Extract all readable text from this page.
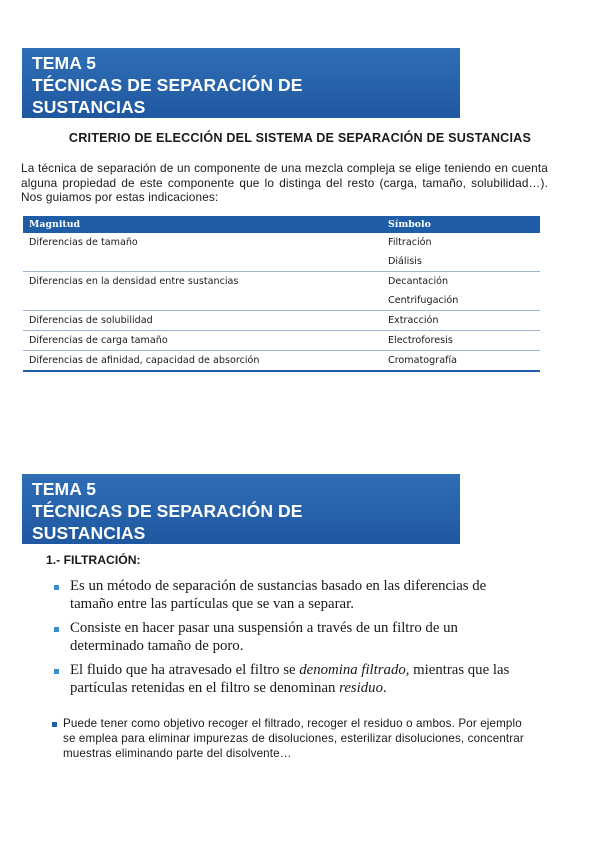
TEMA 5
TÉCNICAS DE SEPARACIÓN DE
SUSTANCIAS
CRITERIO DE ELECCIÓN DEL SISTEMA DE SEPARACIÓN DE SUSTANCIAS
La técnica de separación de un componente de una mezcla compleja se elige teniendo en cuenta alguna propiedad de este componente que lo distinga del resto (carga, tamaño, solubilidad…). Nos guiamos por estas indicaciones:
Magnitud	Símbolo
Diferencias de tamaño	Filtración
	Diálisis
Diferencias en la densidad entre sustancias	Decantación
	Centrifugación
Diferencias de solubilidad	Extracción
Diferencias de carga tamaño	Electroforesis
Diferencias de afinidad, capacidad de absorción	Cromatografía
TEMA 5
TÉCNICAS DE SEPARACIÓN DE
SUSTANCIAS
1.- FILTRACIÓN:
Es un método de separación de sustancias basado en las diferencias de tamaño entre las partículas que se van a separar.
Consiste en hacer pasar una suspensión a través de un filtro de un determinado tamaño de poro.
El fluido que ha atravesado el filtro se denomina filtrado, mientras que las partículas retenidas en el filtro se denominan residuo.

Puede tener como objetivo recoger el filtrado, recoger el residuo o ambos. Por ejemplo se emplea para eliminar impurezas de disoluciones, esterilizar disoluciones, concentrar muestras eliminando parte del disolvente…
